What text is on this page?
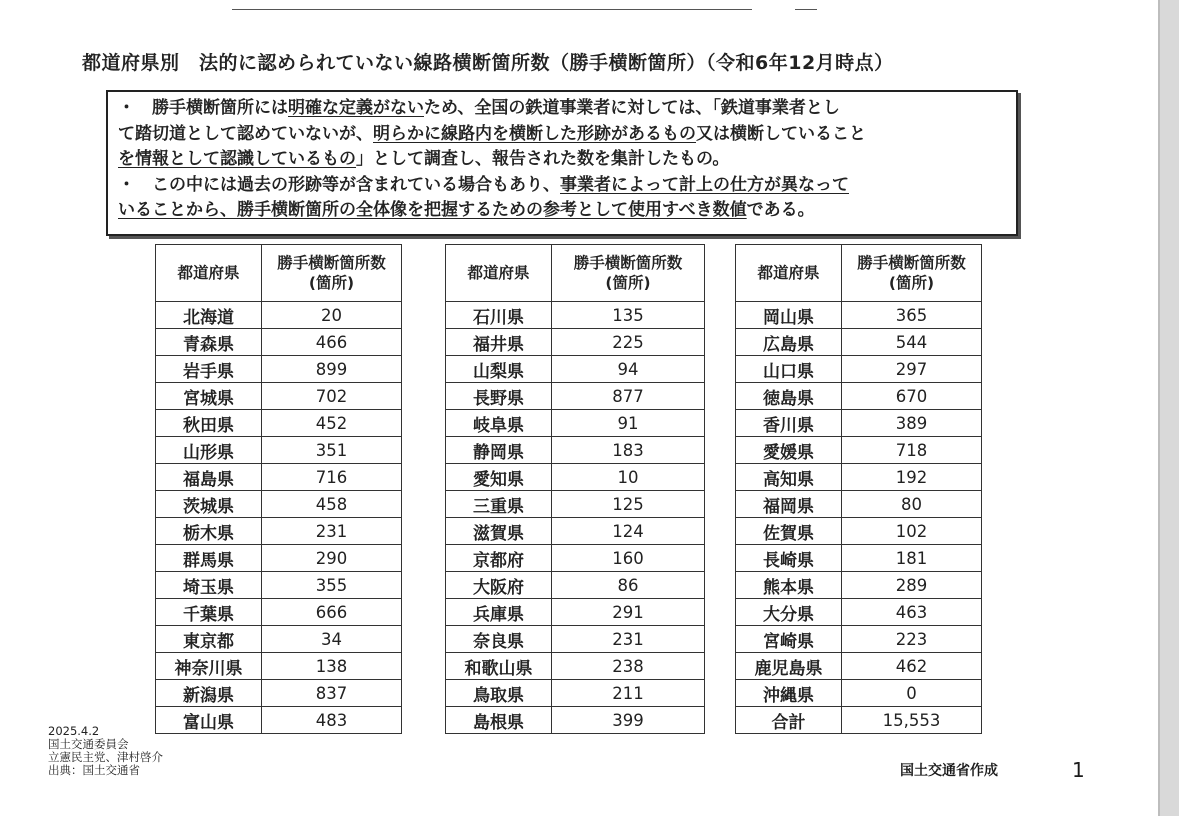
都道府県別　法的に認められていない線路横断箇所数（勝手横断箇所）（令和6年12月時点）

・　勝手横断箇所には明確な定義がないため、全国の鉄道事業者に対しては、「鉄道事業者とし

て踏切道として認めていないが、明らかに線路内を横断した形跡があるもの又は横断していること

を情報として認識しているもの」として調査し、報告された数を集計したもの。

・　この中には過去の形跡等が含まれている場合もあり、事業者によって計上の仕方が異なって

いることから、勝手横断箇所の全体像を把握するための参考として使用すべき数値である。

都道府県	勝手横断箇所数
(箇所)
北海道	20
青森県	466
岩手県	899
宮城県	702
秋田県	452
山形県	351
福島県	716
茨城県	458
栃木県	231
群馬県	290
埼玉県	355
千葉県	666
東京都	34
神奈川県	138
新潟県	837
富山県	483
都道府県	勝手横断箇所数
(箇所)
石川県	135
福井県	225
山梨県	94
長野県	877
岐阜県	91
静岡県	183
愛知県	10
三重県	125
滋賀県	124
京都府	160
大阪府	86
兵庫県	291
奈良県	231
和歌山県	238
鳥取県	211
島根県	399
都道府県	勝手横断箇所数
(箇所)
岡山県	365
広島県	544
山口県	297
徳島県	670
香川県	389
愛媛県	718
高知県	192
福岡県	80
佐賀県	102
長崎県	181
熊本県	289
大分県	463
宮崎県	223
鹿児島県	462
沖縄県	0
合計	15,553
2025.4.2
国土交通委員会
立憲民主党、津村啓介
出典：国土交通省	国土交通省作成	1
